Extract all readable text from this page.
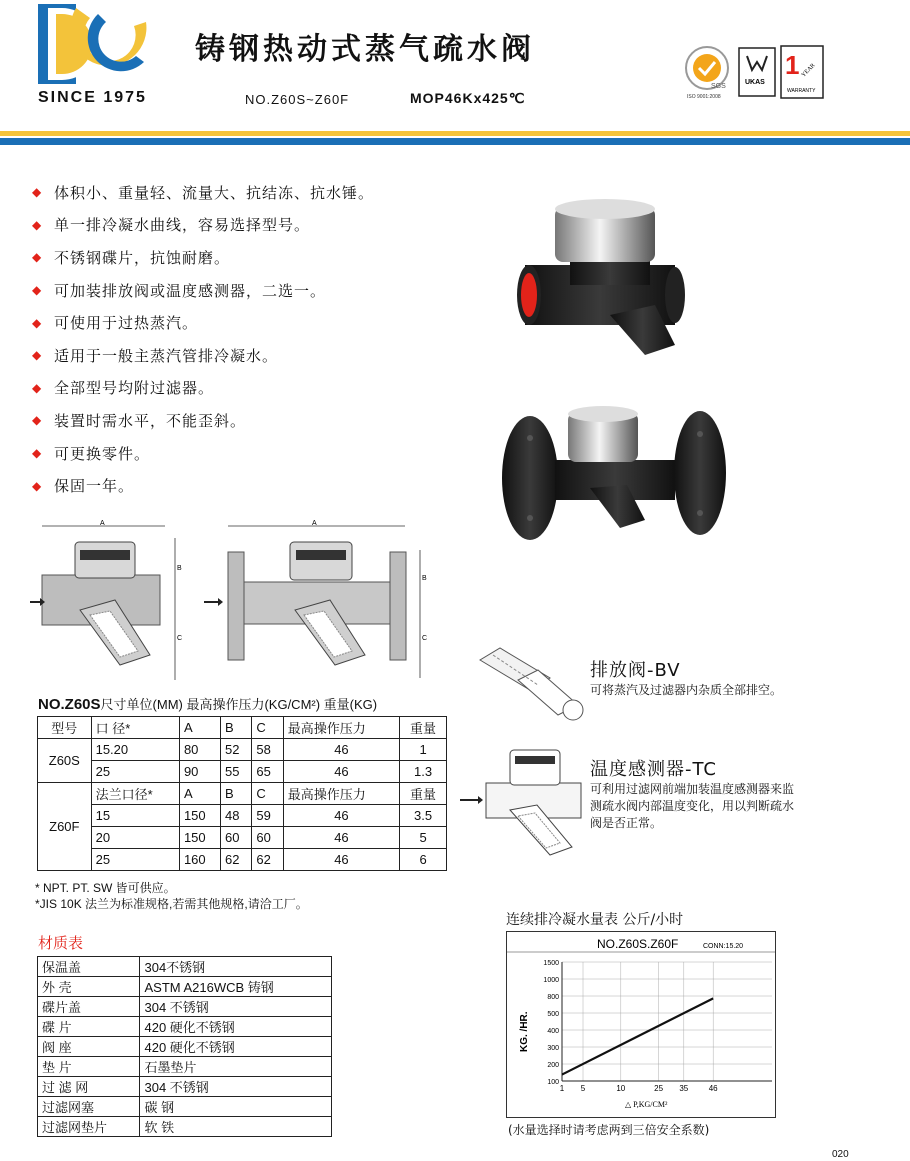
SINCE 1975
铸钢热动式蒸气疏水阀
NO.Z60S~Z60F	MOP46Kx425℃
SGS
ISO 9001:2008
UKAS
1 YEAR
WARRANTY
◆ 体积小、重量轻、流量大、抗结冻、抗水锤。
◆ 单一排冷凝水曲线，容易选择型号。
◆ 不锈钢碟片，抗蚀耐磨。
◆ 可加装排放阀或温度感测器，二选一。
◆ 可使用于过热蒸汽。
◆ 适用于一般主蒸汽管排冷凝水。
◆ 全部型号均附过滤器。
◆ 装置时需水平，不能歪斜。
◆ 可更换零件。
◆ 保固一年。
A
B
C
A
B
C
NO.Z60S尺寸单位(MM) 最高操作压力(KG/CM²) 重量(KG)
型号	口 径*	A	B	C	最高操作压力	重量
Z60S	15.20	80	52	58	46	1
	25	90	55	65	46	1.3
Z60F	法兰口径*	A	B	C	最高操作压力	重量
	15	150	48	59	46	3.5
	20	150	60	60	46	5
	25	160	62	62	46	6
* NPT. PT. SW 皆可供应。
*JIS 10K 法兰为标准规格,若需其他规格,请洽工厂。
材质表
保温盖	304不锈钢
外 壳	ASTM A216WCB 铸钢
碟片盖	304 不锈钢
碟 片	420 硬化不锈钢
阀 座	420 硬化不锈钢
垫 片	石墨垫片
过 滤 网	304 不锈钢
过滤网塞	碳 钢
过滤网垫片	软 铁
排放阀-BV
可将蒸汽及过滤器内杂质全部排空。
温度感测器-TC
可利用过滤网前端加装温度感测器来监测疏水阀内部温度变化，用以判断疏水阀是否正常。
连续排冷凝水量表 公斤/小时
NO.Z60S.Z60F	CONN:15.20
KG. /HR.
1500
1000
800
500
400
300
200
100
1 5	10	25 35	46
△ P,KG/CM²
(水量选择时请考虑两到三倍安全系数)
020
